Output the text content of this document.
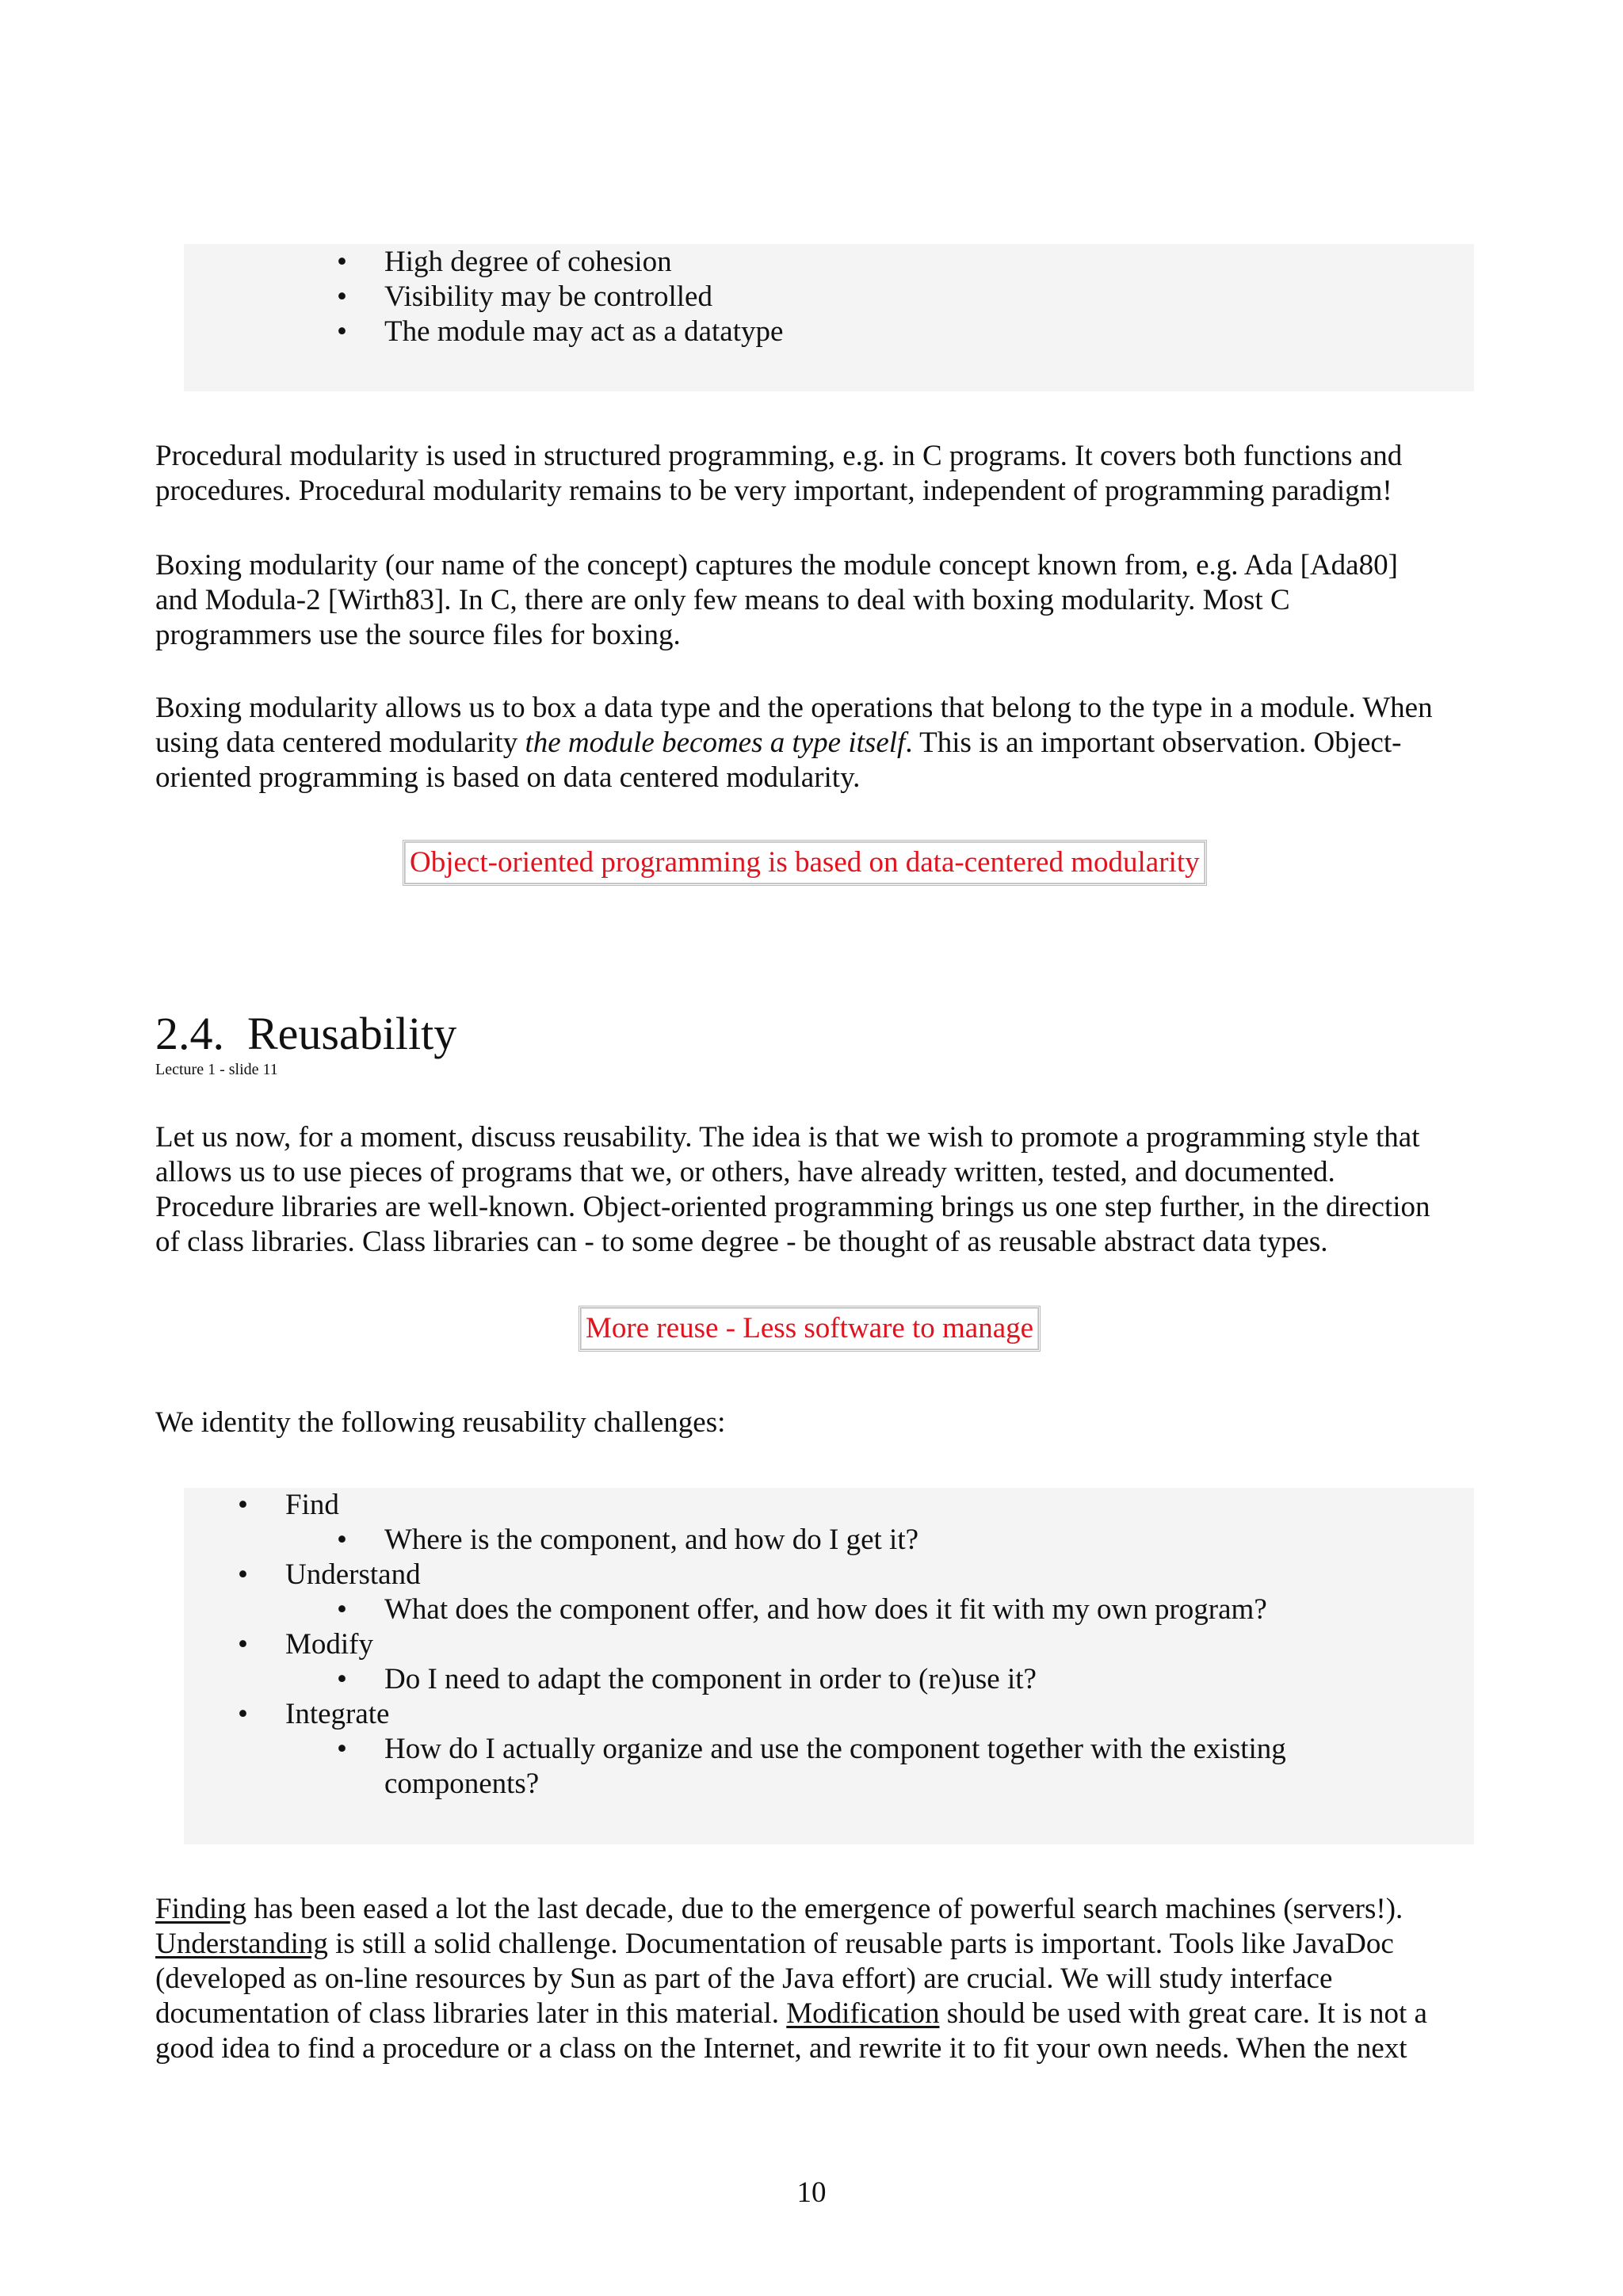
• High degree of cohesion
• Visibility may be controlled
• The module may act as a datatype

Procedural modularity is used in structured programming, e.g. in C programs. It covers both functions and
procedures. Procedural modularity remains to be very important, independent of programming paradigm!

Boxing modularity (our name of the concept) captures the module concept known from, e.g. Ada [Ada80]
and Modula-2 [Wirth83]. In C, there are only few means to deal with boxing modularity. Most C
programmers use the source files for boxing.

Boxing modularity allows us to box a data type and the operations that belong to the type in a module. When
using data centered modularity the module becomes a type itself. This is an important observation. Object-
oriented programming is based on data centered modularity.

Object-oriented programming is based on data-centered modularity
2.4. Reusability
Lecture 1 - slide 11

Let us now, for a moment, discuss reusability. The idea is that we wish to promote a programming style that
allows us to use pieces of programs that we, or others, have already written, tested, and documented.
Procedure libraries are well-known. Object-oriented programming brings us one step further, in the direction
of class libraries. Class libraries can - to some degree - be thought of as reusable abstract data types.

More reuse - Less software to manage

We identity the following reusability challenges:

• Find
• Where is the component, and how do I get it?
• Understand
• What does the component offer, and how does it fit with my own program?
• Modify
• Do I need to adapt the component in order to (re)use it?
• Integrate
• How do I actually organize and use the component together with the existing
components?

Finding has been eased a lot the last decade, due to the emergence of powerful search machines (servers!).
Understanding is still a solid challenge. Documentation of reusable parts is important. Tools like JavaDoc
(developed as on-line resources by Sun as part of the Java effort) are crucial. We will study interface
documentation of class libraries later in this material. Modification should be used with great care. It is not a
good idea to find a procedure or a class on the Internet, and rewrite it to fit your own needs. When the next

10
